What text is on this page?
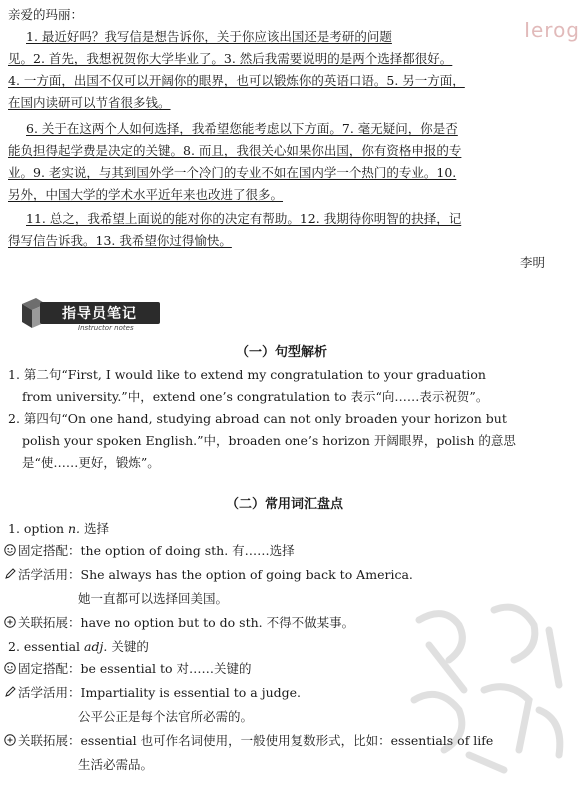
Ierog
亲爱的玛丽：
1. 最近好吗？我写信是想告诉你，关于你应该出国还是考研的问题
见。2. 首先，我想祝贺你大学毕业了。3. 然后我需要说明的是两个选择都很好。
4. 一方面，出国不仅可以开阔你的眼界，也可以锻炼你的英语口语。5. 另一方面，
在国内读研可以节省很多钱。
6. 关于在这两个人如何选择，我希望您能考虑以下方面。7. 毫无疑问，你是否
能负担得起学费是决定的关键。8. 而且，我很关心如果你出国，你有资格申报的专
业。9. 老实说，与其到国外学一个冷门的专业不如在国内学一个热门的专业。10.
另外，中国大学的学术水平近年来也改进了很多。
11. 总之，我希望上面说的能对你的决定有帮助。12. 我期待你明智的抉择，记
得写信告诉我。13. 我希望你过得愉快。
李明
指导员笔记
Instructor notes
（一）句型解析
1. 第二句“First, I would like to extend my congratulation to your graduation
from university.”中，extend one’s congratulation to 表示“向……表示祝贺”。
2. 第四句“On one hand, studying abroad can not only broaden your horizon but
polish your spoken English.”中，broaden one’s horizon 开阔眼界，polish 的意思
是“使……更好，锻炼”。
（二）常用词汇盘点
1. option n. 选择
固定搭配：the option of doing sth. 有……选择
活学活用：She always has the option of going back to America.
她一直都可以选择回美国。
关联拓展：have no option but to do sth. 不得不做某事。
2. essential adj. 关键的
固定搭配：be essential to 对……关键的
活学活用：Impartiality is essential to a judge.
公平公正是每个法官所必需的。
关联拓展：essential 也可作名词使用，一般使用复数形式，比如：essentials of life
生活必需品。
